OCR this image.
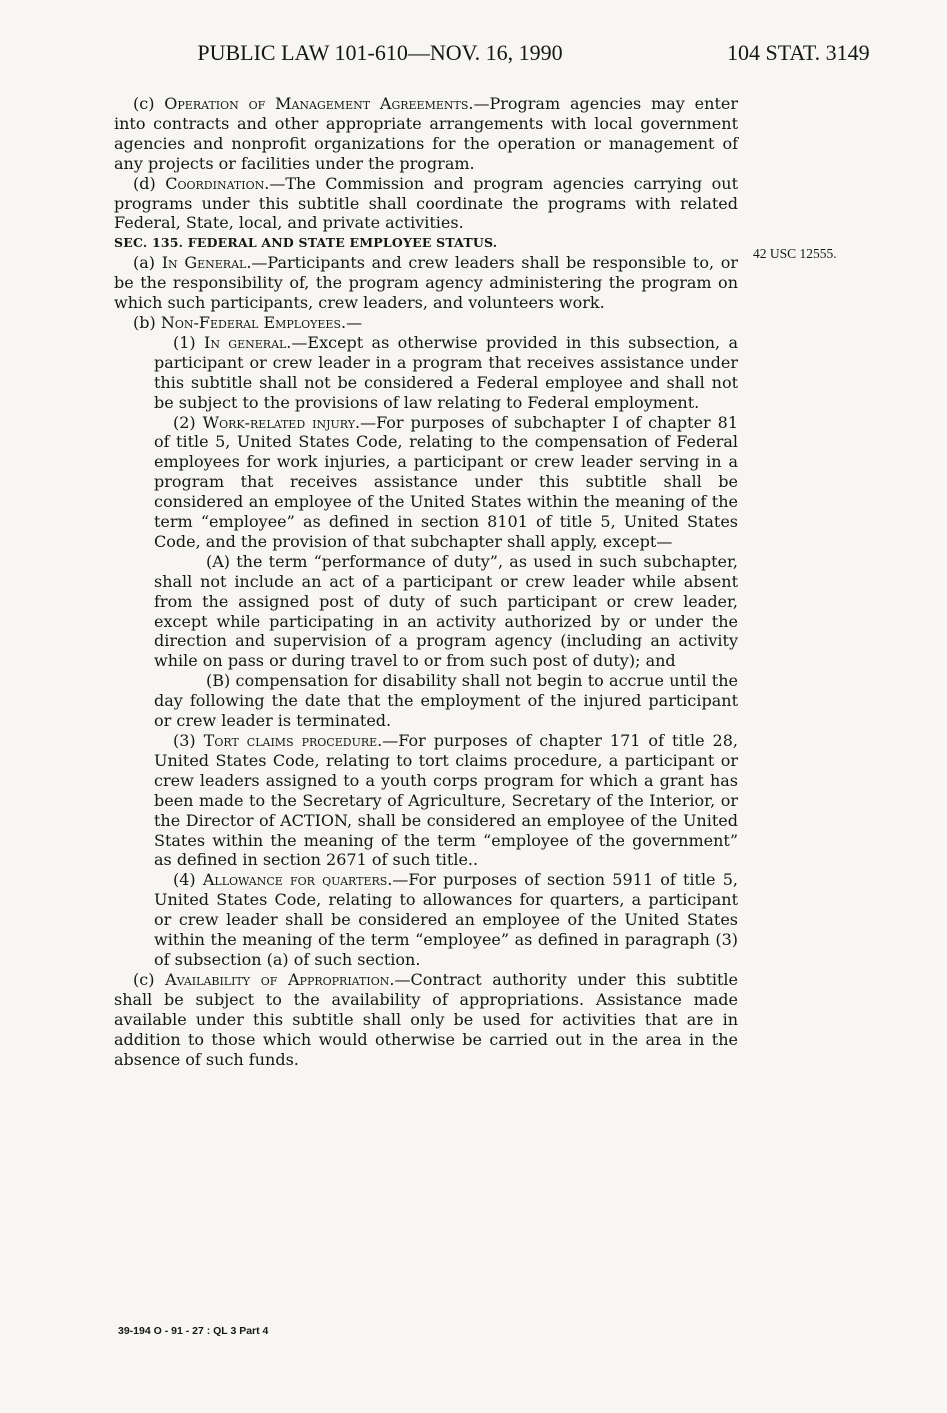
PUBLIC LAW 101-610—NOV. 16, 1990	104 STAT. 3149
42 USC 12555.

(c) Operation of Management Agreements.—Program agencies may enter into contracts and other appropriate arrangements with local government agencies and nonprofit organizations for the operation or management of any projects or facilities under the program.

(d) Coordination.—The Commission and program agencies carrying out programs under this subtitle shall coordinate the programs with related Federal, State, local, and private activities.

SEC. 135. FEDERAL AND STATE EMPLOYEE STATUS.

(a) In General.—Participants and crew leaders shall be responsible to, or be the responsibility of, the program agency administering the program on which such participants, crew leaders, and volunteers work.

(b) Non-Federal Employees.—

(1) In general.—Except as otherwise provided in this subsection, a participant or crew leader in a program that receives assistance under this subtitle shall not be considered a Federal employee and shall not be subject to the provisions of law relating to Federal employment.

(2) Work-related injury.—For purposes of subchapter I of chapter 81 of title 5, United States Code, relating to the compensation of Federal employees for work injuries, a participant or crew leader serving in a program that receives assistance under this subtitle shall be considered an employee of the United States within the meaning of the term “employee” as defined in section 8101 of title 5, United States Code, and the provision of that subchapter shall apply, except—

(A) the term “performance of duty”, as used in such subchapter, shall not include an act of a participant or crew leader while absent from the assigned post of duty of such participant or crew leader, except while participating in an activity authorized by or under the direction and supervision of a program agency (including an activity while on pass or during travel to or from such post of duty); and

(B) compensation for disability shall not begin to accrue until the day following the date that the employment of the injured participant or crew leader is terminated.

(3) Tort claims procedure.—For purposes of chapter 171 of title 28, United States Code, relating to tort claims procedure, a participant or crew leaders assigned to a youth corps program for which a grant has been made to the Secretary of Agriculture, Secretary of the Interior, or the Director of ACTION, shall be considered an employee of the United States within the meaning of the term “employee of the government” as defined in section 2671 of such title..

(4) Allowance for quarters.—For purposes of section 5911 of title 5, United States Code, relating to allowances for quarters, a participant or crew leader shall be considered an employee of the United States within the meaning of the term “employee” as defined in paragraph (3) of subsection (a) of such section.

(c) Availability of Appropriation.—Contract authority under this subtitle shall be subject to the availability of appropriations. Assistance made available under this subtitle shall only be used for activities that are in addition to those which would otherwise be carried out in the area in the absence of such funds.

39-194 O - 91 - 27 : QL 3 Part 4
